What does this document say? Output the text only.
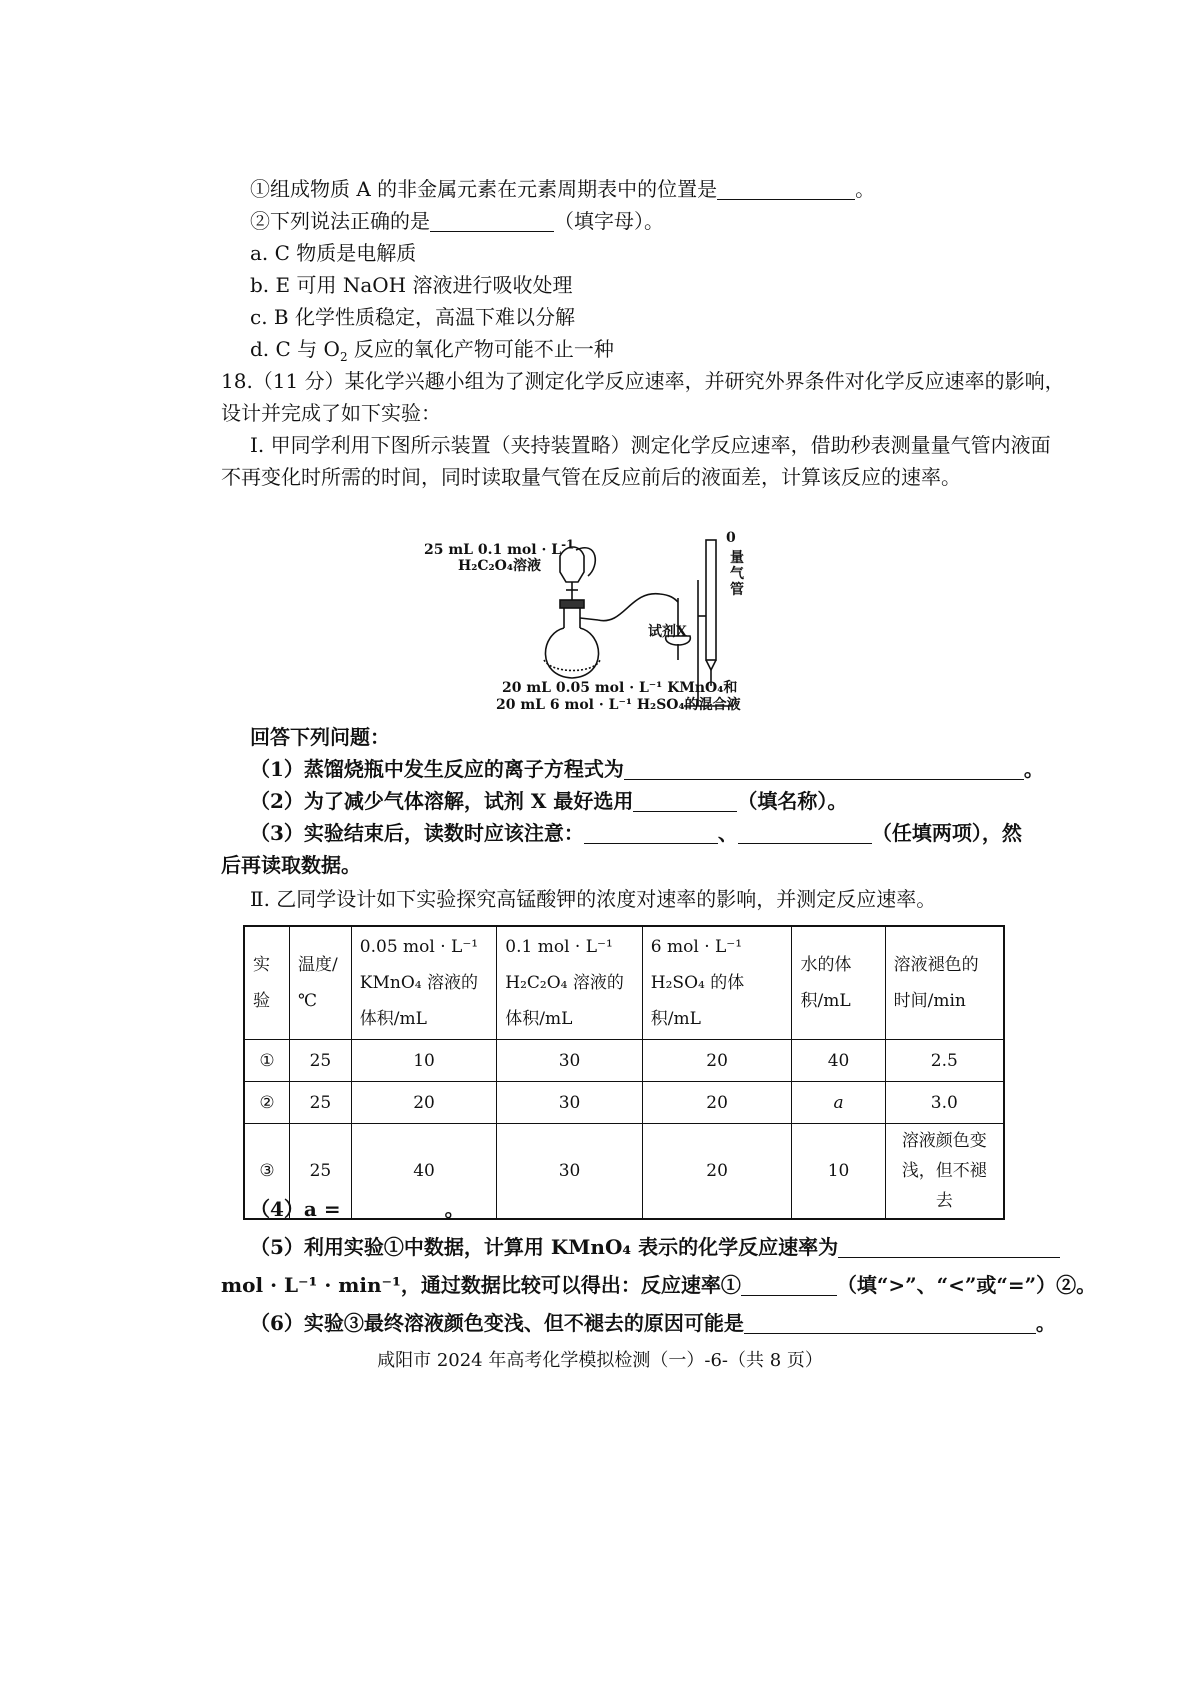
①组成物质 A 的非金属元素在元素周期表中的位置是	。
②下列说法正确的是	（填字母）。
a. C 物质是电解质
b. E 可用 NaOH 溶液进行吸收处理
c. B 化学性质稳定，高温下难以分解
d. C 与 $O_2$ 反应的氧化产物可能不止一种
18.（11 分）某化学兴趣小组为了测定化学反应速率，并研究外界条件对化学反应速率的影响，
设计并完成了如下实验：
Ⅰ. 甲同学利用下图所示装置（夹持装置略）测定化学反应速率，借助秒表测量量气管内液面
不再变化时所需的时间，同时读取量气管在反应前后的液面差，计算该反应的速率。
25 mL 0.1 mol · $L^{-1}$
H₂C₂O₄溶液
试剂X
0
量
气
管
20 mL 0.05 mol · L⁻¹ KMnO₄和
20 mL 6 mol · L⁻¹ H₂SO₄的混合液
回答下列问题：
（1）蒸馏烧瓶中发生反应的离子方程式为	。
（2）为了减少气体溶解，试剂 X 最好选用	（填名称）。
（3）实验结束后，读数时应该注意：	、	（任填两项），然
后再读取数据。
Ⅱ. 乙同学设计如下实验探究高锰酸钾的浓度对速率的影响，并测定反应速率。
实验	温度/℃	0.05 mol · L⁻¹ KMnO₄ 溶液的体积/mL	0.1 mol · L⁻¹ H₂C₂O₄ 溶液的体积/mL	6 mol · L⁻¹ H₂SO₄ 的体积/mL	水的体积/mL	溶液褪色的时间/min
①	25	10	30	20	40	2.5
②	25	20	30	20	a	3.0
③	25	40	30	20	10	溶液颜色变浅，但不褪去
（4）a =	。
（5）利用实验①中数据，计算用 KMnO₄ 表示的化学反应速率为
mol · L⁻¹ · min⁻¹，通过数据比较可以得出：反应速率①	（填“>”、“<”或“=”）②。
（6）实验③最终溶液颜色变浅、但不褪去的原因可能是	。
咸阳市 2024 年高考化学模拟检测（一）-6-（共 8 页）
